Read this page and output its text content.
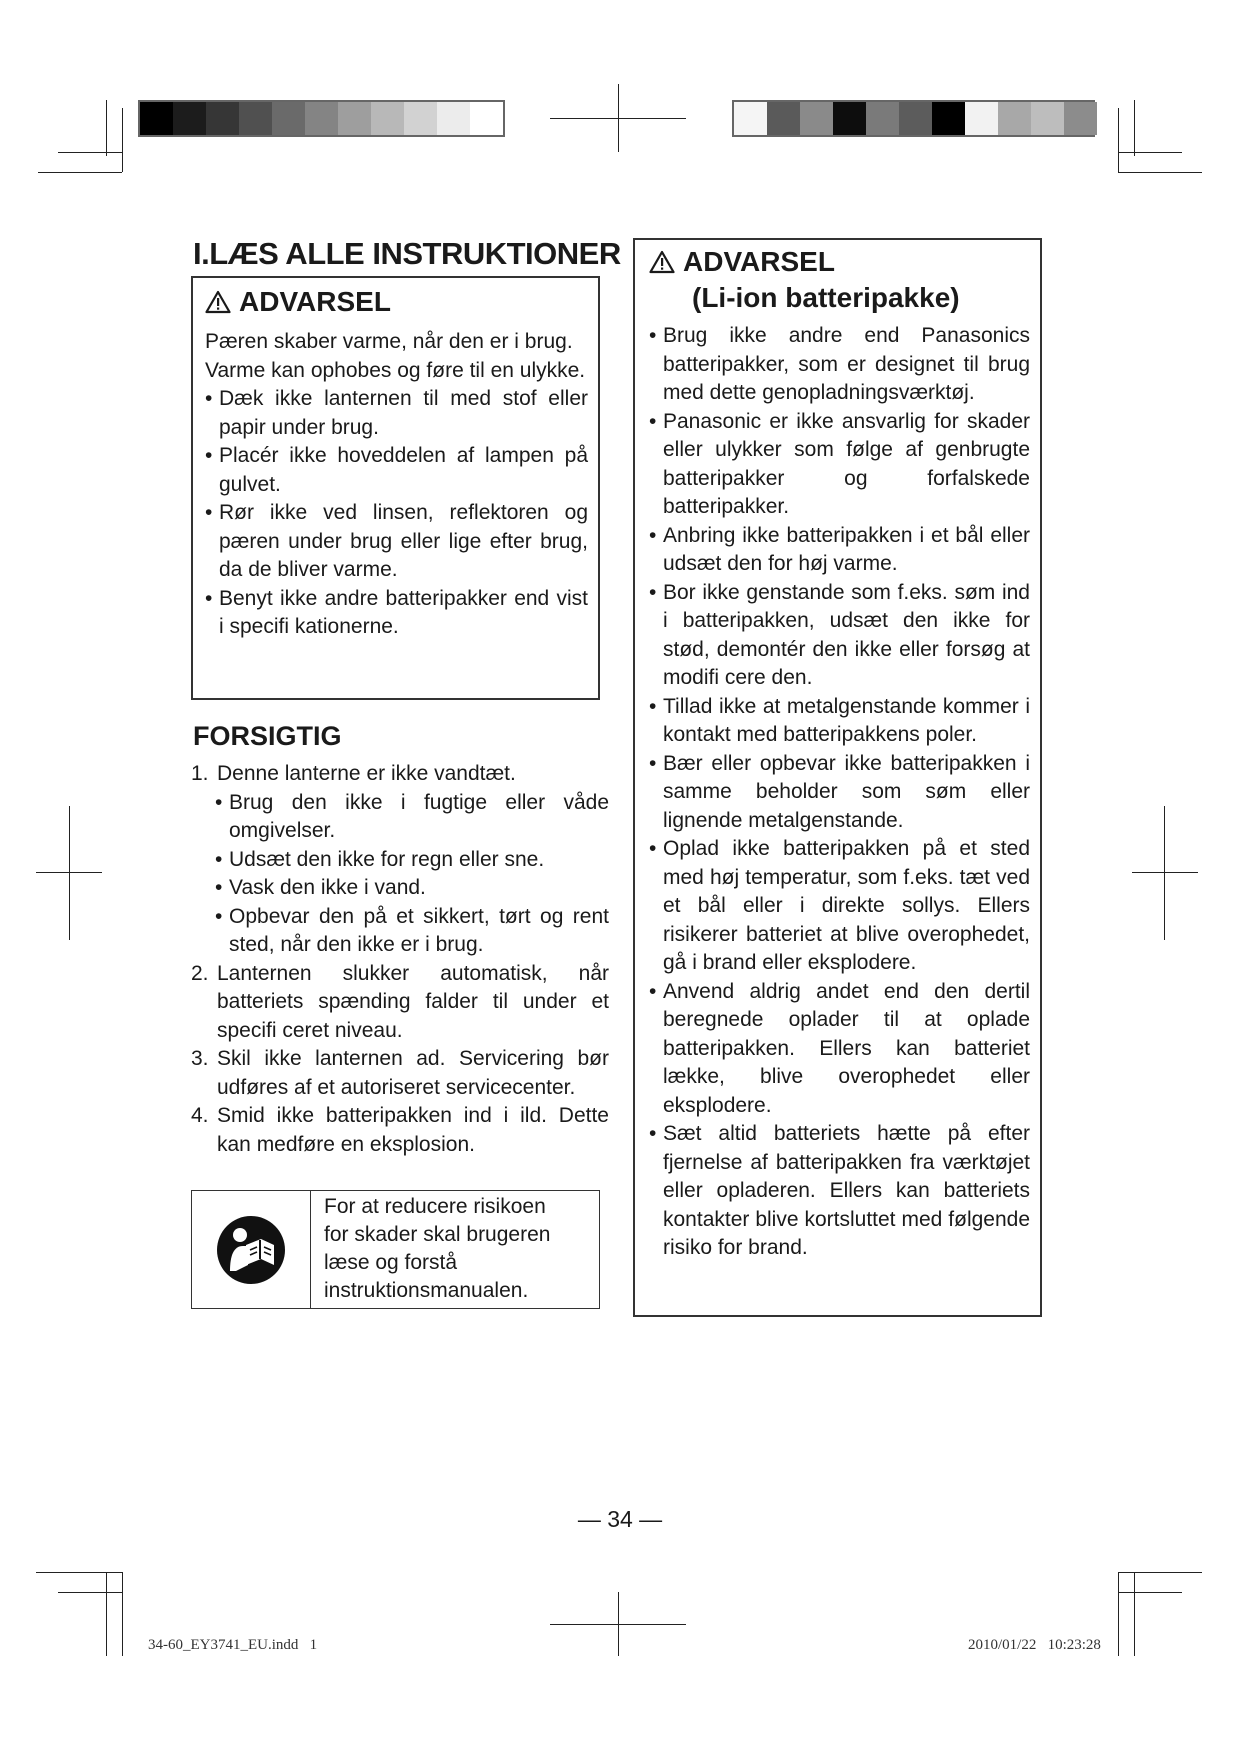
I.LÆS ALLE INSTRUKTIONER
ADVARSEL

Pæren skaber varme, når den er i brug.

Varme kan ophobes og føre til en ulykke.

• Dæk ikke lanternen til med stof eller papir under brug.
• Placér ikke hoveddelen af lampen på gulvet.
• Rør ikke ved linsen, reflektoren og pæren under brug eller lige efter brug, da de bliver varme.
• Benyt ikke andre batteripakker end vist i specifi kationerne.
FORSIGTIG
1. Denne lanterne er ikke vandtæt.
• Brug den ikke i fugtige eller våde omgivelser.
• Udsæt den ikke for regn eller sne.
• Vask den ikke i vand.
• Opbevar den på et sikkert, tørt og rent sted, når den ikke er i brug.
2. Lanternen slukker automatisk, når batteriets spænding falder til under et specifi ceret niveau.
3. Skil ikke lanternen ad. Servicering bør udføres af et autoriseret servicecenter.
4. Smid ikke batteripakken ind i ild. Dette kan medføre en eksplosion.
For at reducere risikoen for skader skal brugeren læse og forstå instruktionsmanualen.
ADVARSEL
(Li-ion batteripakke)
• Brug ikke andre end Panasonics batteripakker, som er designet til brug med dette genopladningsværktøj.
• Panasonic er ikke ansvarlig for skader eller ulykker som følge af genbrugte batteripakker og forfalskede batteripakker.
• Anbring ikke batteripakken i et bål eller udsæt den for høj varme.
• Bor ikke genstande som f.eks. søm ind i batteripakken, udsæt den ikke for stød, demontér den ikke eller forsøg at modifi cere den.
• Tillad ikke at metalgenstande kommer i kontakt med batteripakkens poler.
• Bær eller opbevar ikke batteripakken i samme beholder som søm eller lignende metalgenstande.
• Oplad ikke batteripakken på et sted med høj temperatur, som f.eks. tæt ved et bål eller i direkte sollys. Ellers risikerer batteriet at blive overophedet, gå i brand eller eksplodere.
• Anvend aldrig andet end den dertil beregnede oplader til at oplade batteripakken. Ellers kan batteriet lække, blive overophedet eller eksplodere.
• Sæt altid batteriets hætte på efter fjernelse af batteripakken fra værktøjet eller opladeren. Ellers kan batteriets kontakter blive kortsluttet med følgende risiko for brand.
— 34 —
34-60_EY3741_EU.indd   1	2010/01/22   10:23:28
